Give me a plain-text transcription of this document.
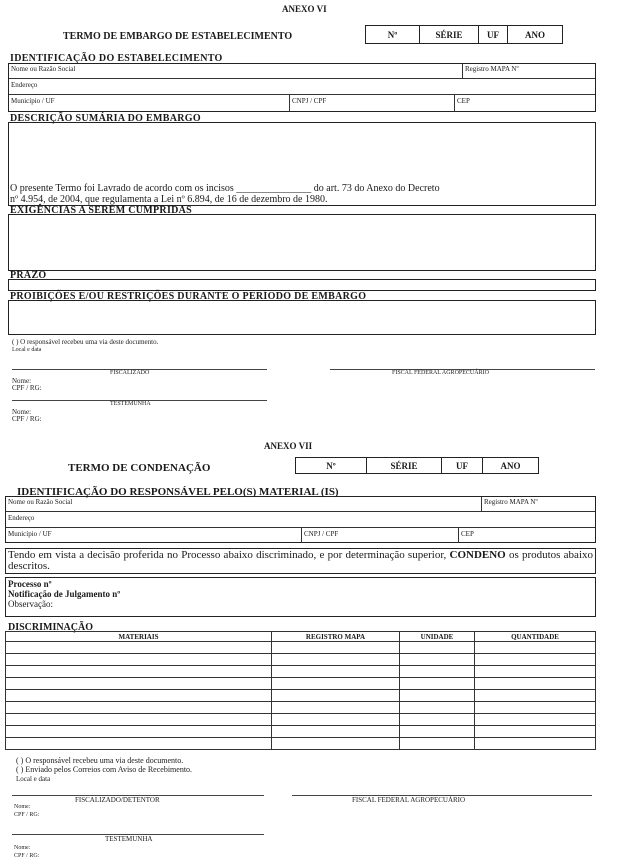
ANEXO VI
TERMO DE EMBARGO DE ESTABELECIMENTO	Nº	SÉRIE	UF	ANO
IDENTIFICAÇÃO DO ESTABELECIMENTO
Nome ou Razão Social	Registro MAPA Nº
Endereço
Município / UF	CNPJ / CPF	CEP
DESCRIÇÃO SUMÁRIA DO EMBARGO
O presente Termo foi Lavrado de acordo com os incisos _______________ do art. 73 do Anexo do Decreto
nº 4.954, de 2004, que regulamenta a Lei nº 6.894, de 16 de dezembro de 1980.
EXIGÊNCIAS A SEREM CUMPRIDAS
PRAZO
PROIBIÇÕES E/OU RESTRIÇÕES DURANTE O PERÍODO DE EMBARGO
( ) O responsável recebeu uma via deste documento.
Local e data
FISCALIZADO	FISCAL FEDERAL AGROPECUÁRIO
Nome:
CPF / RG:
TESTEMUNHA
Nome:
CPF / RG:
ANEXO VII
TERMO DE CONDENAÇÃO	Nº	SÉRIE	UF	ANO
IDENTIFICAÇÃO DO RESPONSÁVEL PELO(S) MATERIAL (IS)
Nome ou Razão Social	Registro MAPA Nº
Endereço
Município / UF	CNPJ / CPF	CEP
Tendo em vista a decisão proferida no Processo abaixo discriminado, e por determinação superior, CONDENO os produtos abaixo descritos.
Processo nº
Notificação de Julgamento nº
Observação:
DISCRIMINAÇÃO
MATERIAIS	REGISTRO MAPA	UNIDADE	QUANTIDADE

( ) O responsável recebeu uma via deste documento.
( ) Enviado pelos Correios com Aviso de Recebimento.
Local e data
FISCALIZADO/DETENTOR	FISCAL FEDERAL AGROPECUÁRIO
Nome:
CPF / RG:
TESTEMUNHA
Nome:
CPF / RG:
